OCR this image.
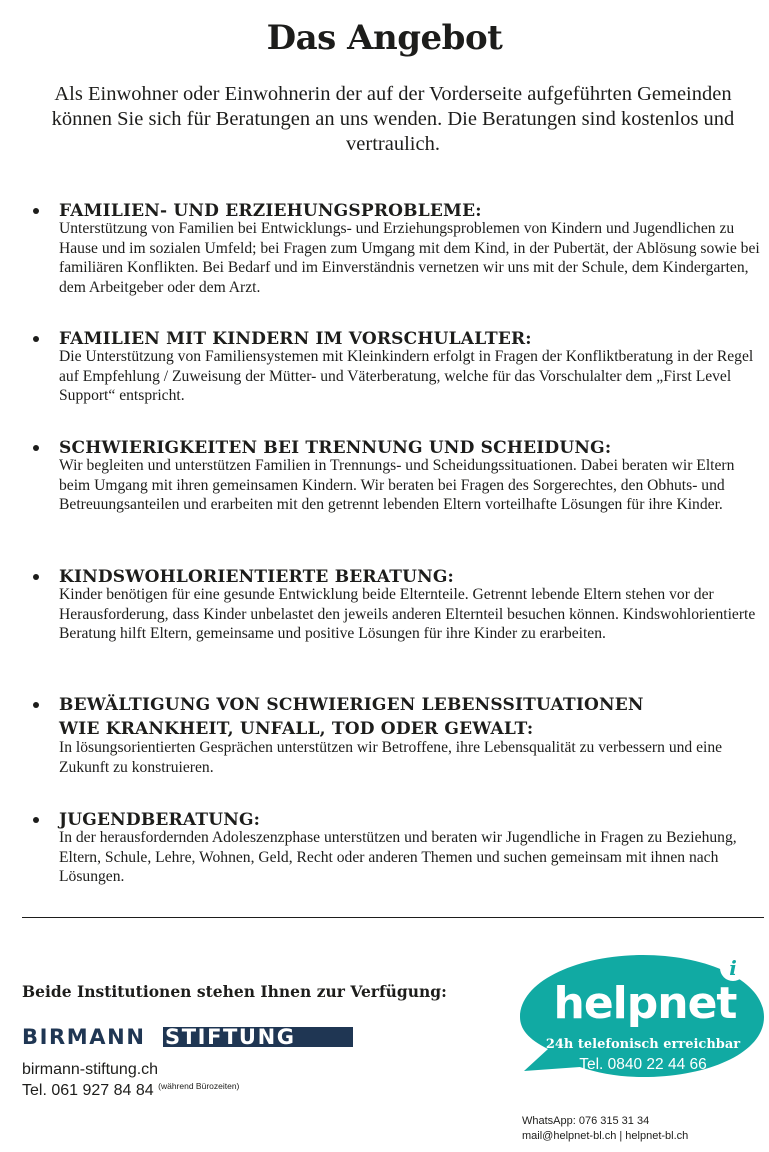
Das Angebot

Als Einwohner oder Einwohnerin der auf der Vorderseite aufgeführten Gemeinden können Sie sich für Beratungen an uns wenden. Die Beratungen sind kostenlos und vertraulich.

FAMILIEN- UND ERZIEHUNGSPROBLEME:

Unterstützung von Familien bei Entwicklungs- und Erziehungsproblemen von Kindern und Jugendlichen zu Hause und im sozialen Umfeld; bei Fragen zum Umgang mit dem Kind, in der Pubertät, der Ablösung sowie bei familiären Konflikten. Bei Bedarf und im Einverständnis vernetzen wir uns mit der Schule, dem Kindergarten, dem Arbeitgeber oder dem Arzt.

FAMILIEN MIT KINDERN IM VORSCHULALTER:

Die Unterstützung von Familiensystemen mit Kleinkindern erfolgt in Fragen der Konfliktberatung in der Regel auf Empfehlung / Zuweisung der Mütter- und Väterberatung, welche für das Vorschulalter dem „First Level Support“ entspricht.

SCHWIERIGKEITEN BEI TRENNUNG UND SCHEIDUNG:

Wir begleiten und unterstützen Familien in Trennungs- und Scheidungssituationen. Dabei beraten wir Eltern beim Umgang mit ihren gemeinsamen Kindern. Wir beraten bei Fragen des Sorgerechtes, den Obhuts- und Betreuungsanteilen und erarbeiten mit den getrennt lebenden Eltern vorteilhafte Lösungen für ihre Kinder.

KINDSWOHLORIENTIERTE BERATUNG:

Kinder benötigen für eine gesunde Entwicklung beide Elternteile. Getrennt lebende Eltern stehen vor der Herausforderung, dass Kinder unbelastet den jeweils anderen Elternteil besuchen können. Kindswohlorientierte Beratung hilft Eltern, gemeinsame und positive Lösungen für ihre Kinder zu erarbeiten.

BEWÄLTIGUNG VON SCHWIERIGEN LEBENSSITUATIONEN
WIE KRANKHEIT, UNFALL, TOD ODER GEWALT:

In lösungsorientierten Gesprächen unterstützen wir Betroffene, ihre Lebensqualität zu verbessern und eine Zukunft zu konstruieren.

JUGENDBERATUNG:

In der herausfordernden Adoleszenzphase unterstützen und beraten wir Jugendliche in Fragen zu Beziehung, Eltern, Schule, Lehre, Wohnen, Geld, Recht oder anderen Themen und suchen gemeinsam mit ihnen nach Lösungen.

Beide Institutionen stehen Ihnen zur Verfügung:
BIRMANN STIFTUNG
birmann-stiftung.ch
Tel. 061 927 84 84 $^{(während Bürozeiten)}$
i
helpnet
24h telefonisch erreichbar
Tel. 0840 22 44 66
(8Rp./Min.)
WhatsApp: 076 315 31 34
mail@helpnet-bl.ch | helpnet-bl.ch
